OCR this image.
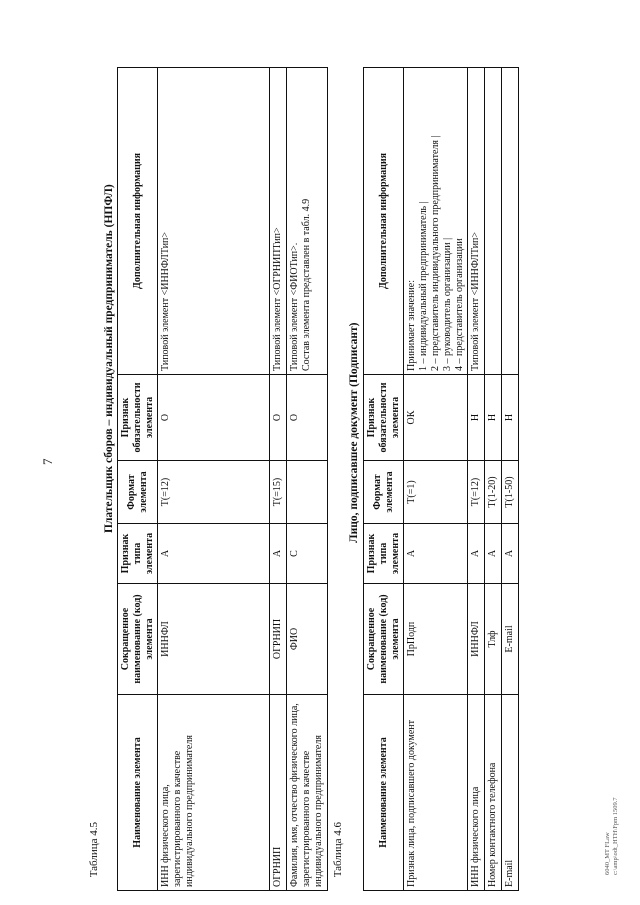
7
Таблица 4.5
Плательщик сборов – индивидуальный предприниматель (НПФЛ)
Наименование элемента	Сокращенное наименование (код) элемента	Признак типа элемента	Формат элемента	Признак обязательности элемента	Дополнительная информация
ИНН физического лица, зарегистрированного в качестве индивидуального предпринимателя	ИННФЛ	А	T(=12)	О	Типовой элемент <ИННФЛТип>
ОГРНИП	ОГРНИП	А	T(=15)	О	Типовой элемент <ОГРНИПТип>
Фамилия, имя, отчество физического лица, зарегистрированного в качестве индивидуального предпринимателя	ФИО	С		О	Типовой элемент <ФИОТип>.
Состав элемента представлен в табл. 4.9
Таблица 4.6
Лицо, подписавшее документ (Подписант)
Наименование элемента	Сокращенное наименование (код) элемента	Признак типа элемента	Формат элемента	Признак обязательности элемента	Дополнительная информация
Признак лица, подписавшего документ	ПрПодп	А	T(=1)	ОК	Принимает значение:
1 – индивидуальный предприниматель |
2 – представитель индивидуального предпринимателя |
3 – руководитель организации |
4 – представитель организации
ИНН физического лица	ИННФЛ	А	T(=12)	Н	Типовой элемент <ИННФЛТип>
Номер контактного телефона	Тлф	А	T(1-20)	Н	
E-mail	E-mail	А	T(1-50)	Н	
6040_MT FLaw c:\amp\odt_HTH\Fpm 1509.7
